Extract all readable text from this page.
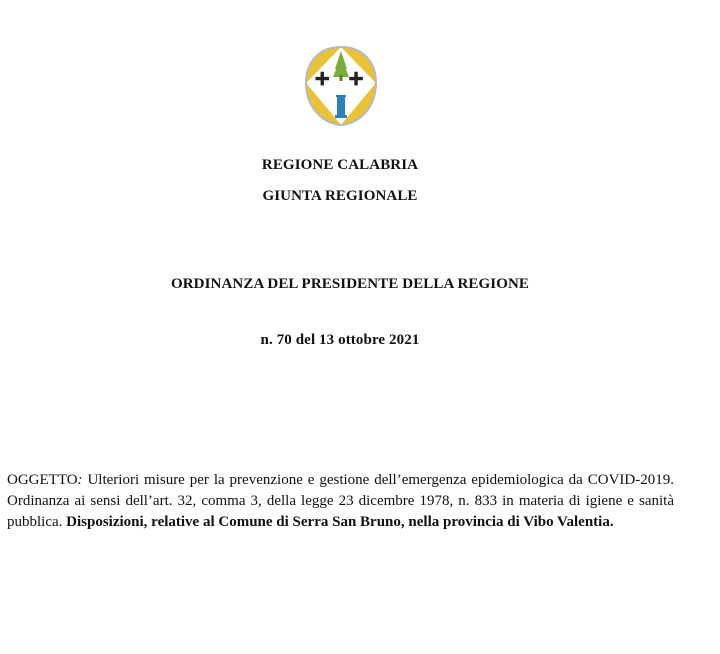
REGIONE CALABRIA
GIUNTA REGIONALE
ORDINANZA DEL PRESIDENTE DELLA REGIONE
n. 70 del 13 ottobre 2021
OGGETTO: Ulteriori misure per la prevenzione e gestione dell’emergenza epidemiologica da COVID-2019. Ordinanza ai sensi dell’art. 32, comma 3, della legge 23 dicembre 1978, n. 833 in materia di igiene e sanità pubblica. Disposizioni, relative al Comune di Serra San Bruno, nella provincia di Vibo Valentia.
